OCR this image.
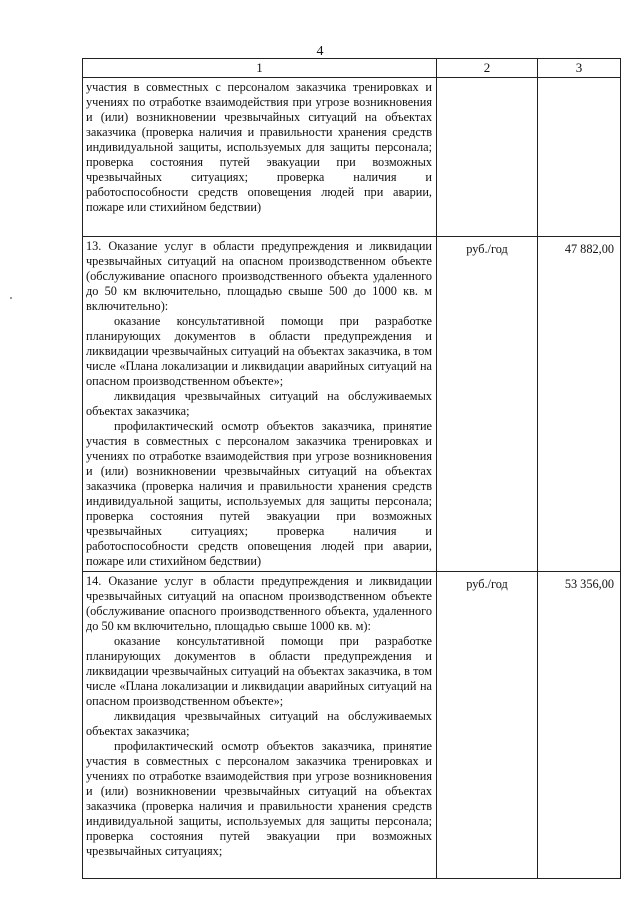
4
1	2	3

участия в совместных с персоналом заказчика тренировках и учениях по отработке взаимодействия при угрозе возникновения и (или) возникновении чрезвычайных ситуаций на объектах заказчика (проверка наличия и правильности хранения средств индивидуальной защиты, используемых для защиты персонала; проверка состояния путей эвакуации при возможных чрезвычайных ситуациях; проверка наличия и работоспособности средств оповещения людей при аварии, пожаре или стихийном бедствии)		

13. Оказание услуг в области предупреждения и ликвидации чрезвычайных ситуаций на опасном производственном объекте (обслуживание опасного производственного объекта удаленного до 50 км включительно, площадью свыше 500 до 1000 кв. м включительно):

оказание консультативной помощи при разработке планирующих документов в области предупреждения и ликвидации чрезвычайных ситуаций на объектах заказчика, в том числе «Плана локализации и ликвидации аварийных ситуаций на опасном производственном объекте»;

ликвидация чрезвычайных ситуаций на обслуживаемых объектах заказчика;

профилактический осмотр объектов заказчика, принятие участия в совместных с персоналом заказчика тренировках и учениях по отработке взаимодействия при угрозе возникновения и (или) возникновении чрезвычайных ситуаций на объектах заказчика (проверка наличия и правильности хранения средств индивидуальной защиты, используемых для защиты персонала; проверка состояния путей эвакуации при возможных чрезвычайных ситуациях; проверка наличия и работоспособности средств оповещения людей при аварии, пожаре или стихийном бедствии)	руб./год	47 882,00

14. Оказание услуг в области предупреждения и ликвидации чрезвычайных ситуаций на опасном производственном объекте (обслуживание опасного производственного объекта, удаленного до 50 км включительно, площадью свыше 1000 кв. м):

оказание консультативной помощи при разработке планирующих документов в области предупреждения и ликвидации чрезвычайных ситуаций на объектах заказчика, в том числе «Плана локализации и ликвидации аварийных ситуаций на опасном производственном объекте»;

ликвидация чрезвычайных ситуаций на обслуживаемых объектах заказчика;

профилактический осмотр объектов заказчика, принятие участия в совместных с персоналом заказчика тренировках и учениях по отработке взаимодействия при угрозе возникновения и (или) возникновении чрезвычайных ситуаций на объектах заказчика (проверка наличия и правильности хранения средств индивидуальной защиты, используемых для защиты персонала; проверка состояния путей эвакуации при возможных чрезвычайных ситуациях;	руб./год	53 356,00
